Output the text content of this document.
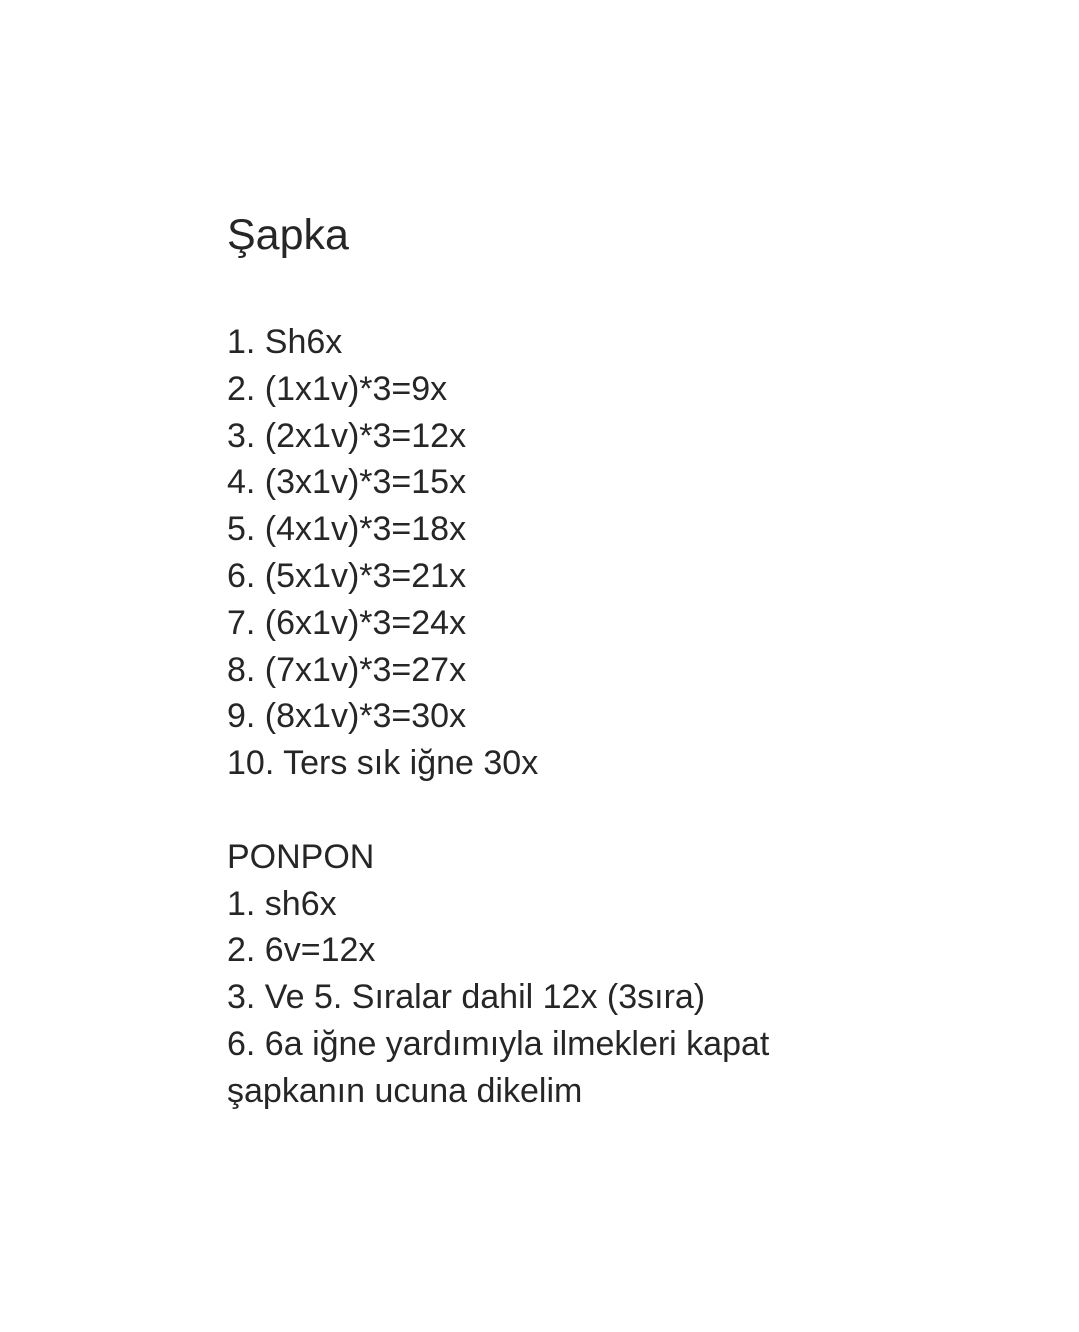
Şapka
1. Sh6x
2. (1x1v)*3=9x
3. (2x1v)*3=12x
4. (3x1v)*3=15x
5. (4x1v)*3=18x
6. (5x1v)*3=21x
7. (6x1v)*3=24x
8. (7x1v)*3=27x
9. (8x1v)*3=30x
10. Ters sık iğne 30x
PONPON
1. sh6x
2. 6v=12x
3. Ve 5. Sıralar dahil 12x (3sıra)
6. 6a iğne yardımıyla ilmekleri kapat
şapkanın ucuna dikelim
